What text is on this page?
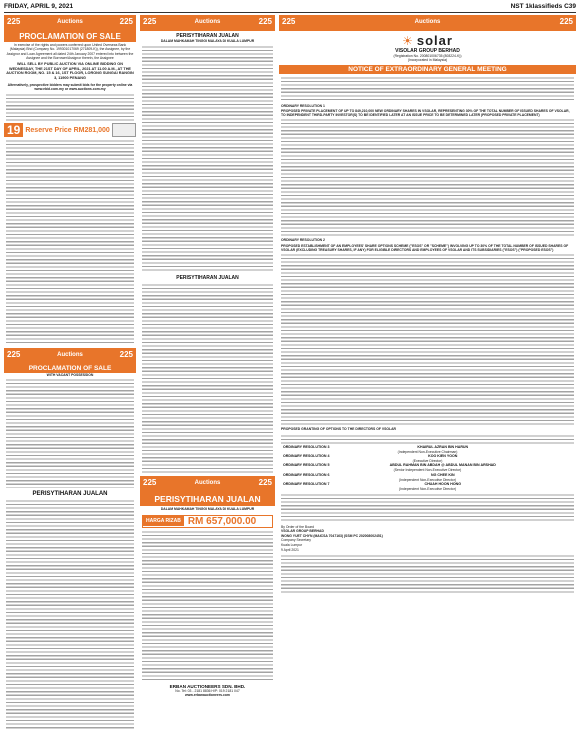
FRIDAY, APRIL 9, 2021	NST 1klassifieds C39
225	Auctions	225
PROCLAMATION OF SALE
In exercise of the rights and powers conferred upon United Overseas Bank (Malaysia) Bhd (Company No. 199301017069 (271809-K)), the Assignee, by the Assignor and Loan Agreement all dated 24th January 2007 entered into between the Assignee and the Borrower/Assignor therein, the Assignee
WILL SELL BY PUBLIC AUCTION VIA ONLINE BIDDING ON WEDNESDAY, THE 21ST DAY OF APRIL, 2021 AT 11.00 A.M., AT THE AUCTION ROOM, NO. 15 & 16, 1ST FLOOR, LORONG SUNGAI RANGIN 3, 11900 PENANG
Alternatively, prospective bidders may submit bids for the property online via www.ebid.com.my or www.auctions.com.my
19 Reserve Price RM281,000
225	Auctions	225
PROCLAMATION OF SALE
WITH VACANT POSSESSION
PERISYTIHARAN JUALAN
225	Auctions	225
PERISYTIHARAN JUALAN
DALAM MAHKAMAH TINGGI MALAYA DI KUALA LUMPUR
PERISYTIHARAN JUALAN
225	Auctions	225
PERISYTIHARAN JUALAN
DALAM MAHKAMAH TINGGI MALAYA DI KUALA LUMPUR
HARGA RIZAB RM 657,000.00
ERBAN AUCTIONEERS SDN. BHD.
No. Tel: 03 - 2181 8836 H/P: 019 2181 047
www.erbanauctioneers.com
225	Auctions	225
☀ solar
VISOLAR GROUP BERHAD
(Registration No. 200801006735 (808224-K))
(Incorporated in Malaysia)
NOTICE OF EXTRAORDINARY GENERAL MEETING
ORDINARY RESOLUTION 1
PROPOSED PRIVATE PLACEMENT OF UP TO 849,210,000 NEW ORDINARY SHARES IN VSOLAR, REPRESENTING 30% OF THE TOTAL NUMBER OF ISSUED SHARES OF VSOLAR, TO INDEPENDENT THIRD-PARTY INVESTOR(S) TO BE IDENTIFIED LATER AT AN ISSUE PRICE TO BE DETERMINED LATER (PROPOSED PRIVATE PLACEMENT)
ORDINARY RESOLUTION 2
PROPOSED ESTABLISHMENT OF AN EMPLOYEES' SHARE OPTIONS SCHEME ("ESOS" OR "SCHEME") INVOLVING UP TO 30% OF THE TOTAL NUMBER OF ISSUED SHARES OF VSOLAR (EXCLUDING TREASURY SHARES, IF ANY) FOR ELIGIBLE DIRECTORS AND EMPLOYEES OF VSOLAR AND ITS SUBSIDIARIES ("ESOS") ("PROPOSED ESOS")
PROPOSED GRANTING OF OPTIONS TO THE DIRECTORS OF VSOLAR
ORDINARY RESOLUTION 3	KHAIRUL AZRAN BIN HARUN
(Independent Non-Executive Chairman)
ORDINARY RESOLUTION 4	KOO KIEN YOON
(Executive Director)
ORDINARY RESOLUTION 5	ABDUL RAHMAN BIN ABDAH @ ABDUL MANAN BIN ARSHAD
(Senior Independent Non-Executive Director)
ORDINARY RESOLUTION 6	NG CHEE KIN
(Independent Non-Executive Director)
ORDINARY RESOLUTION 7	CHUAH HOON HONG
(Independent Non-Executive Director)
By Order of the Board
VSOLAR GROUP BERHAD
WONG YUET CHYN (MAICSA 7047163) (SSM PC 202008002451)
Company Secretary
Kuala Lumpur
9 April 2021
